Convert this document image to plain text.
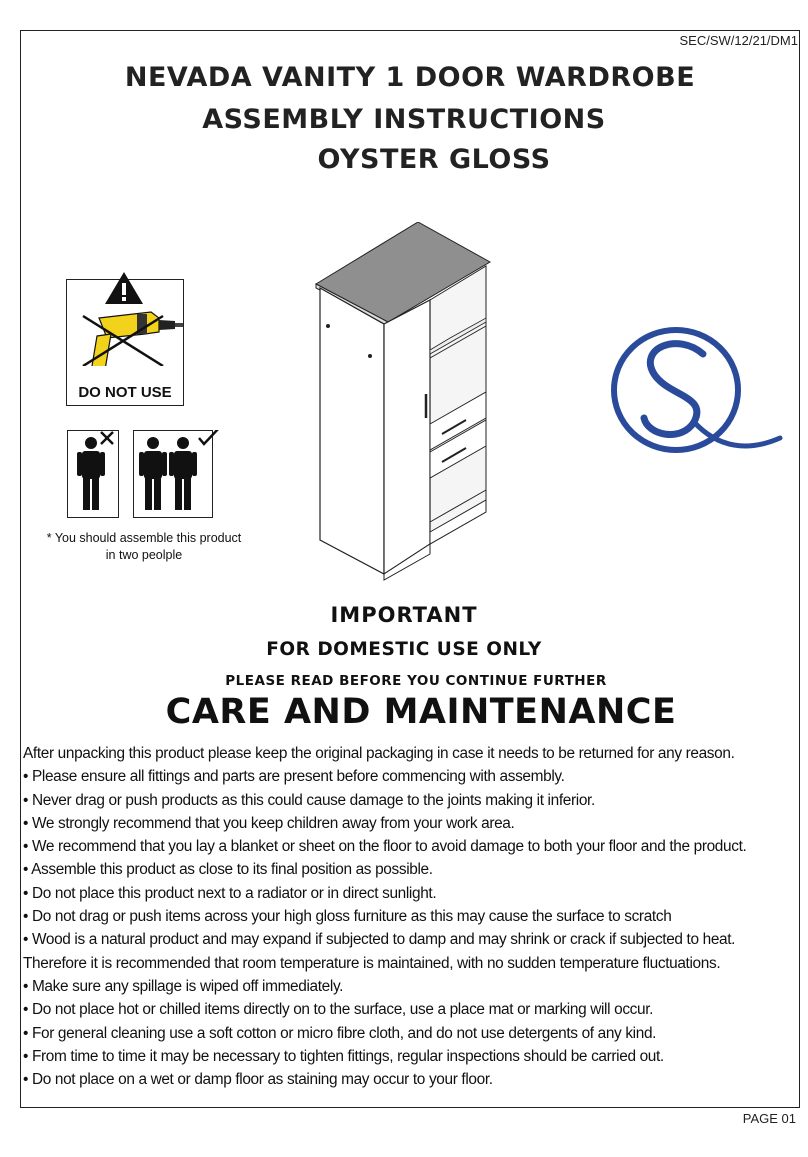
SEC/SW/12/21/DM1
NEVADA VANITY 1 DOOR WARDROBE
ASSEMBLY INSTRUCTIONS
OYSTER GLOSS
DO NOT USE
* You should assemble this product
in two peolple
IMPORTANT
FOR DOMESTIC USE ONLY
PLEASE READ BEFORE YOU CONTINUE FURTHER
CARE AND MAINTENANCE
After unpacking this product please keep the original packaging in case it needs to be returned for any reason.
• Please ensure all fittings and parts are present before commencing with assembly.
• Never drag or push products as this could cause damage to the joints making it inferior.
• We strongly recommend that you keep children away from your work area.
• We recommend that you lay a blanket or sheet on the floor to avoid damage to both your floor and the product.
• Assemble this product as close to its final position as possible.
• Do not place this product next to a radiator or in direct sunlight.
• Do not drag or push items across your high gloss furniture as this may cause the surface to scratch
• Wood is a natural product and may expand if subjected to damp and may shrink or crack if subjected to heat.
Therefore it is recommended that room temperature is maintained, with no sudden temperature fluctuations.
• Make sure any spillage is wiped off immediately.
• Do not place hot or chilled items directly on to the surface, use a place mat or marking will occur.
• For general cleaning use a soft cotton or micro fibre cloth, and do not use detergents of any kind.
• From time to time it may be necessary to tighten fittings, regular inspections should be carried out.
• Do not place on a wet or damp floor as staining may occur to your floor.
PAGE 01
